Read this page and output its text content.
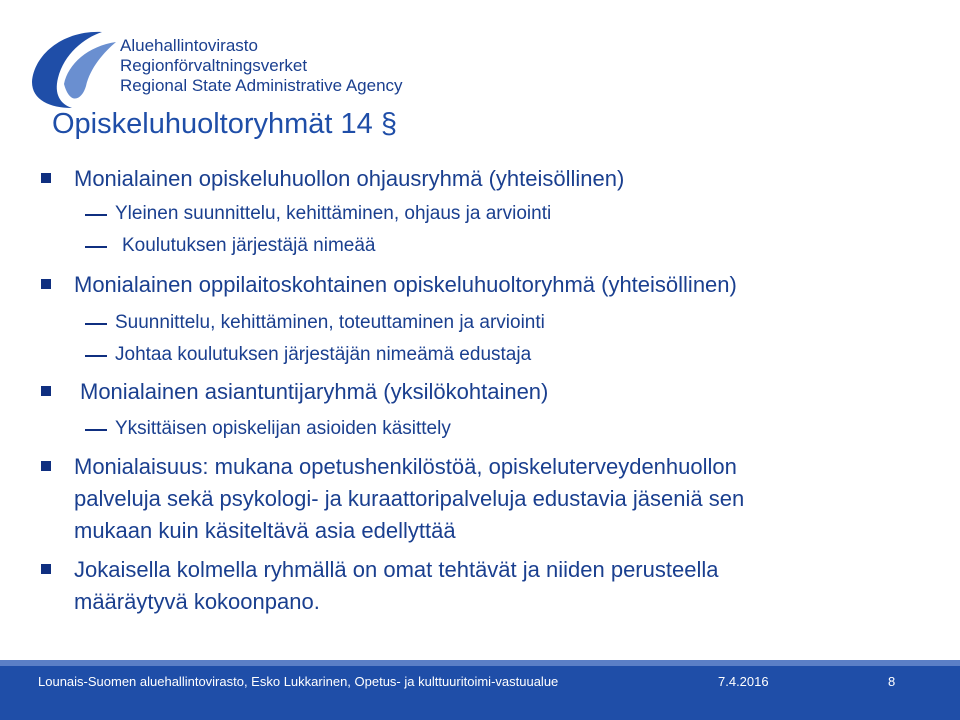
Aluehallintovirasto
Regionförvaltningsverket
Regional State Administrative Agency
Opiskeluhuoltoryhmät 14 §
Monialainen opiskeluhuollon ohjausryhmä (yhteisöllinen)
Yleinen suunnittelu, kehittäminen, ohjaus ja arviointi
Koulutuksen järjestäjä nimeää
Monialainen oppilaitoskohtainen opiskeluhuoltoryhmä (yhteisöllinen)
Suunnittelu, kehittäminen, toteuttaminen ja arviointi
Johtaa koulutuksen järjestäjän nimeämä edustaja
Monialainen asiantuntijaryhmä (yksilökohtainen)
Yksittäisen opiskelijan asioiden käsittely
Monialaisuus: mukana opetushenkilöstöä, opiskeluterveydenhuollon
palveluja sekä psykologi- ja kuraattoripalveluja edustavia jäseniä sen
mukaan kuin käsiteltävä asia edellyttää
Jokaisella kolmella ryhmällä on omat tehtävät ja niiden perusteella
määräytyvä kokoonpano.
Lounais-Suomen aluehallintovirasto, Esko Lukkarinen, Opetus- ja kulttuuritoimi-vastuualue	7.4.2016	8
